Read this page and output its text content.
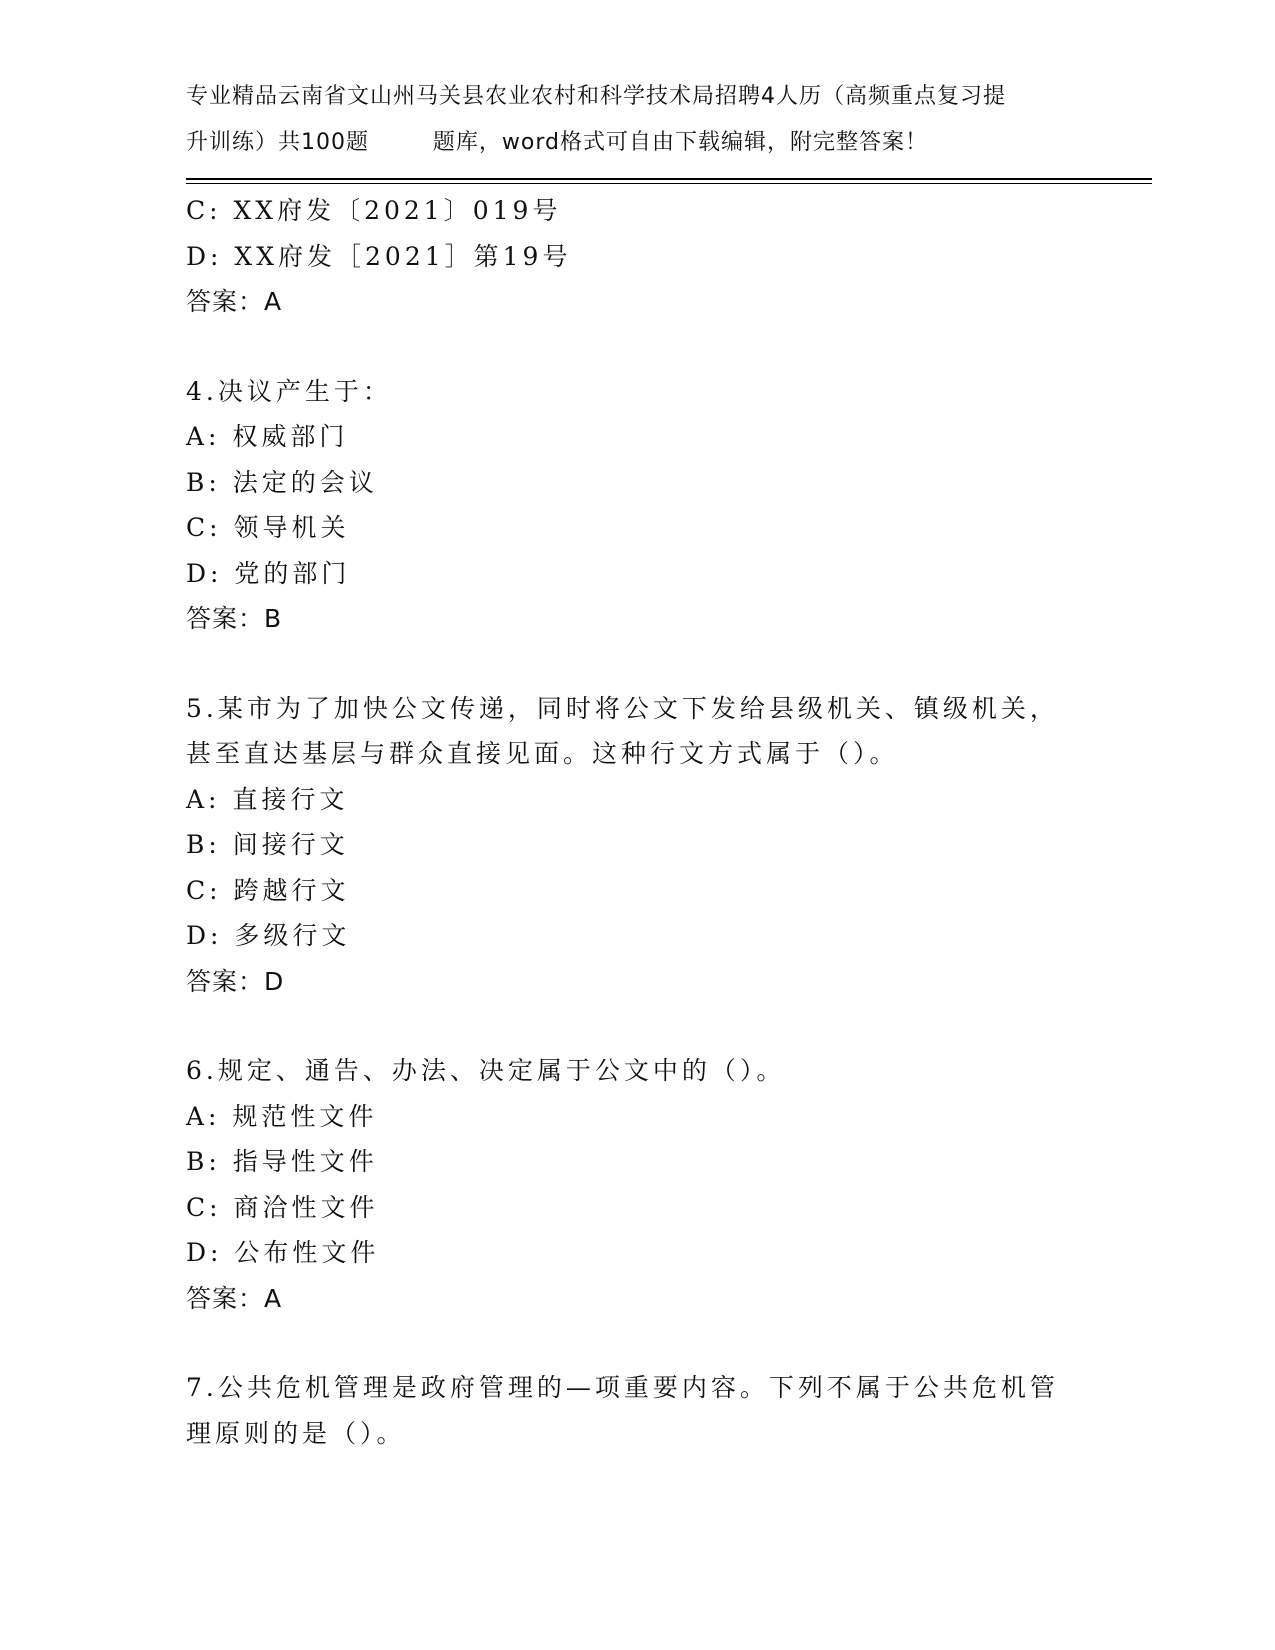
专业精品云南省文山州马关县农业农村和科学技术局招聘4人历（高频重点复习提
升训练）共100题        题库，word格式可自由下载编辑，附完整答案！
C: XX府发〔2021〕019号
D: XX府发［2021］第19号
答案：A
4.决议产生于：
A: 权威部门
B: 法定的会议
C: 领导机关
D: 党的部门
答案：B
5.某市为了加快公文传递，同时将公文下发给县级机关、镇级机关，
甚至直达基层与群众直接见面。这种行文方式属于（）。
A: 直接行文
B: 间接行文
C: 跨越行文
D: 多级行文
答案：D
6.规定、通告、办法、决定属于公文中的（）。
A: 规范性文件
B: 指导性文件
C: 商洽性文件
D: 公布性文件
答案：A
7.公共危机管理是政府管理的—项重要内容。下列不属于公共危机管
理原则的是（）。
